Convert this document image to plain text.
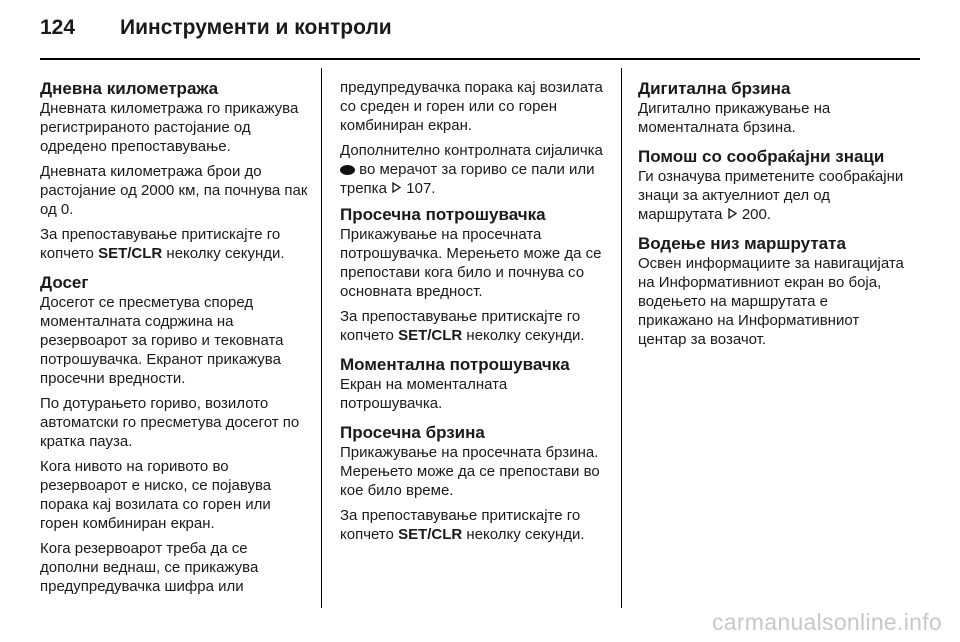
124 Иинструменти и контроли
Дневна километража

Дневната километража го прикажува регистрираното растојание од одредено препоставување.

Дневната километража брои до растојание од 2000 км, па почнува пак од 0.

За препоставување притискајте го копчето SET/CLR неколку секунди.

Досег

Досегот се пресметува според моменталната содржина на резервоарот за гориво и тековната потрошувачка. Екранот прикажува просечни вредности.

По дотурањето гориво, возилото автоматски го пресметува досегот по кратка пауза.

Кога нивото на горивото во резервоарот е ниско, се појавува порака кај возилата со горен или горен комбиниран екран.

Кога резервоарот треба да се дополни веднаш, се прикажува предупредувачка шифра или

предупредувачка порака кај возилата со среден и горен или со горен комбиниран екран.

Дополнително контролната сијаличка  во мерачот за гориво се пали или трепка  107.

Просечна потрошувачка

Прикажување на просечната потрошувачка. Мерењето може да се препостави кога било и почнува со основната вредност.

За препоставување притискајте го копчето SET/CLR неколку секунди.

Моментална потрошувачка

Екран на моменталната потрошувачка.

Просечна брзина

Прикажување на просечната брзина. Мерењето може да се препостави во кое било време.

За препоставување притискајте го копчето SET/CLR неколку секунди.

Дигитална брзина

Дигитално прикажување на моменталната брзина.

Помош со сообраќајни знаци

Ги означува приметените сообраќајни знаци за актуелниот дел од маршрутата  200.

Водење низ маршрутата

Освен информациите за навигацијата на Информативниот екран во боја, водењето на маршрутата е прикажано на Информативниот центар за возачот.

carmanualsonline.info
